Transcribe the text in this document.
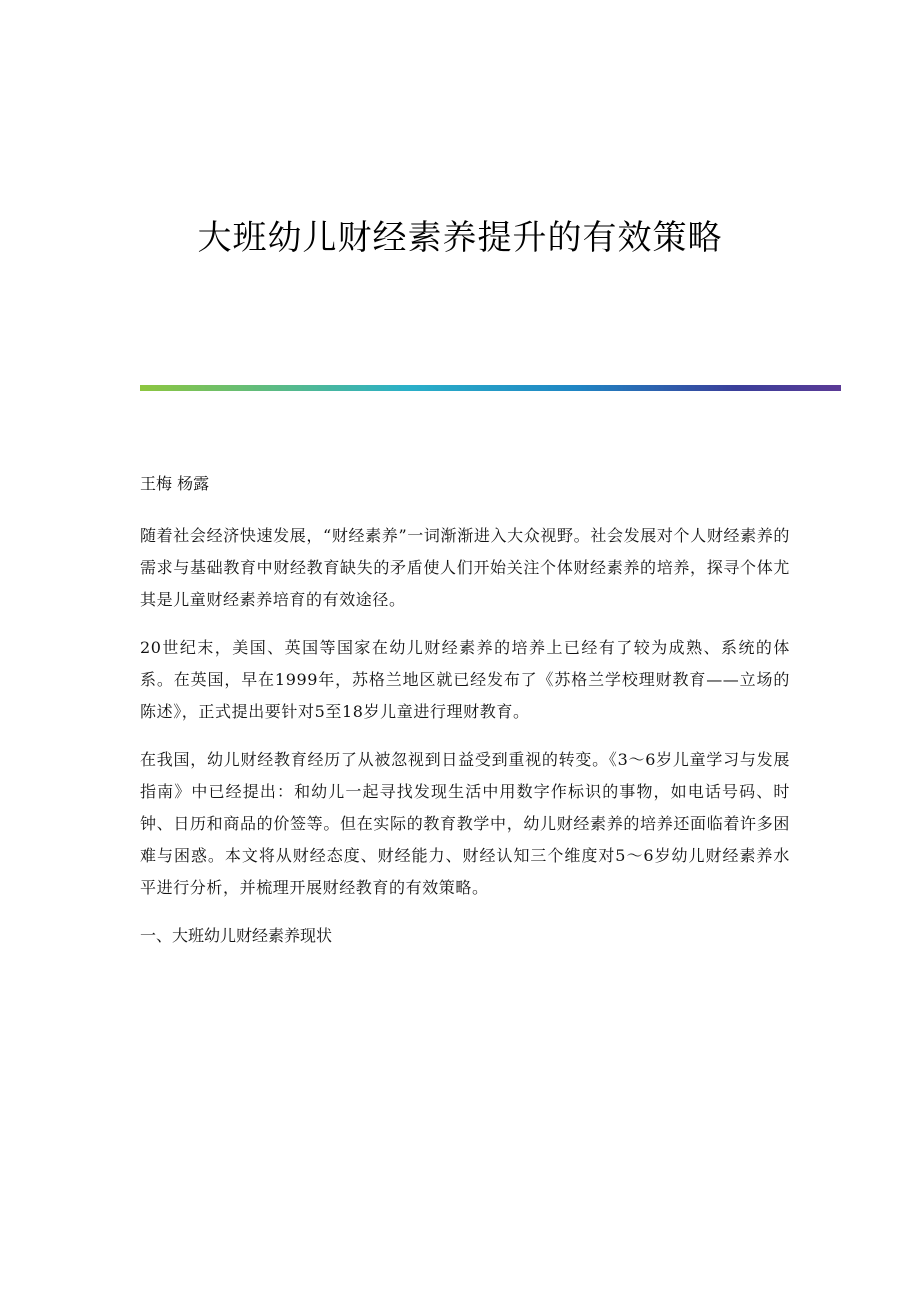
大班幼儿财经素养提升的有效策略
王梅 杨露

随着社会经济快速发展，“财经素养”一词渐渐进入大众视野。社会发展对个人财经素养的需求与基础教育中财经教育缺失的矛盾使人们开始关注个体财经素养的培养，探寻个体尤其是儿童财经素养培育的有效途径。

20世纪末，美国、英国等国家在幼儿财经素养的培养上已经有了较为成熟、系统的体系。在英国，早在1999年，苏格兰地区就已经发布了《苏格兰学校理财教育——立场的陈述》，正式提出要针对5至18岁儿童进行理财教育。

在我国，幼儿财经教育经历了从被忽视到日益受到重视的转变。《3～6岁儿童学习与发展指南》中已经提出：和幼儿一起寻找发现生活中用数字作标识的事物，如电话号码、时钟、日历和商品的价签等。但在实际的教育教学中，幼儿财经素养的培养还面临着许多困难与困惑。本文将从财经态度、财经能力、财经认知三个维度对5～6岁幼儿财经素养水平进行分析，并梳理开展财经教育的有效策略。

一、大班幼儿财经素养现状
